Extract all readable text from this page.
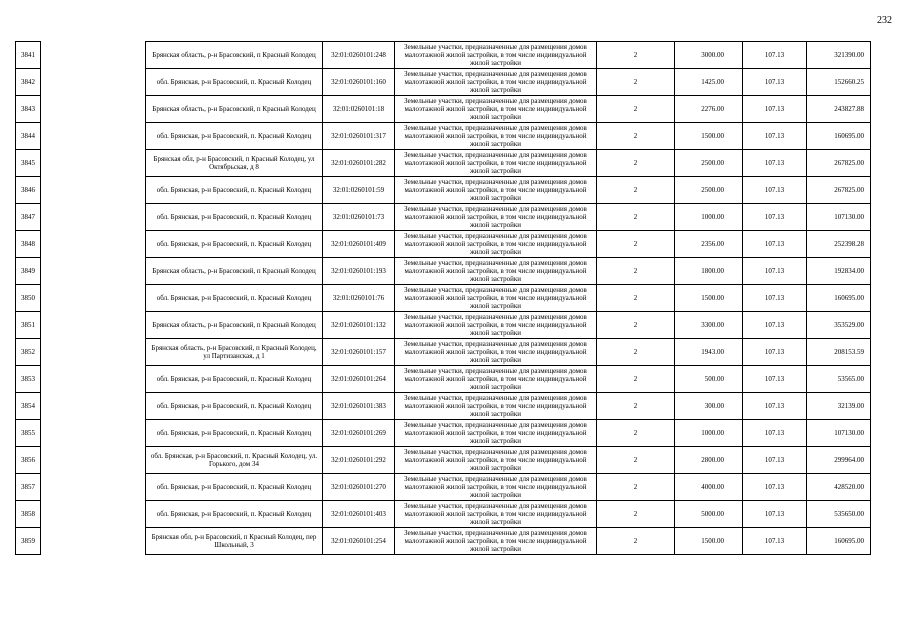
232
3841		Брянская область, р-н Брасовский, п Красный Колодец	32:01:0260101:248	Земельные участки, предназначенные для размещения домов малоэтажной жилой застройки, в том числе индивидуальной жилой застройки	2	3000.00	107.13	321390.00
3842		обл. Брянская, р-н Брасовский, п. Красный Колодец	32:01:0260101:160	Земельные участки, предназначенные для размещения домов малоэтажной жилой застройки, в том числе индивидуальной жилой застройки	2	1425.00	107.13	152660.25
3843		Брянская область, р-н Брасовский, п Красный Колодец	32:01:0260101:18	Земельные участки, предназначенные для размещения домов малоэтажной жилой застройки, в том числе индивидуальной жилой застройки	2	2276.00	107.13	243827.88
3844		обл. Брянская, р-н Брасовский, п. Красный Колодец	32:01:0260101:317	Земельные участки, предназначенные для размещения домов малоэтажной жилой застройки, в том числе индивидуальной жилой застройки	2	1500.00	107.13	160695.00
3845		Брянская обл, р-н Брасовский, п Красный Колодец, ул Октябрьская, д 8	32:01:0260101:282	Земельные участки, предназначенные для размещения домов малоэтажной жилой застройки, в том числе индивидуальной жилой застройки	2	2500.00	107.13	267825.00
3846		обл. Брянская, р-н Брасовский, п. Красный Колодец	32:01:0260101:59	Земельные участки, предназначенные для размещения домов малоэтажной жилой застройки, в том числе индивидуальной жилой застройки	2	2500.00	107.13	267825.00
3847		обл. Брянская, р-н Брасовский, п. Красный Колодец	32:01:0260101:73	Земельные участки, предназначенные для размещения домов малоэтажной жилой застройки, в том числе индивидуальной жилой застройки	2	1000.00	107.13	107130.00
3848		обл. Брянская, р-н Брасовский, п. Красный Колодец	32:01:0260101:409	Земельные участки, предназначенные для размещения домов малоэтажной жилой застройки, в том числе индивидуальной жилой застройки	2	2356.00	107.13	252398.28
3849		Брянская область, р-н Брасовский, п Красный Колодец	32:01:0260101:193	Земельные участки, предназначенные для размещения домов малоэтажной жилой застройки, в том числе индивидуальной жилой застройки	2	1800.00	107.13	192834.00
3850		обл. Брянская, р-н Брасовский, п. Красный Колодец	32:01:0260101:76	Земельные участки, предназначенные для размещения домов малоэтажной жилой застройки, в том числе индивидуальной жилой застройки	2	1500.00	107.13	160695.00
3851		Брянская область, р-н Брасовский, п Красный Колодец	32:01:0260101:132	Земельные участки, предназначенные для размещения домов малоэтажной жилой застройки, в том числе индивидуальной жилой застройки	2	3300.00	107.13	353529.00
3852		Брянская область, р-н Брасовский, п Красный Колодец, ул Партизанская, д 1	32:01:0260101:157	Земельные участки, предназначенные для размещения домов малоэтажной жилой застройки, в том числе индивидуальной жилой застройки	2	1943.00	107.13	208153.59
3853		обл. Брянская, р-н Брасовский, п. Красный Колодец	32:01:0260101:264	Земельные участки, предназначенные для размещения домов малоэтажной жилой застройки, в том числе индивидуальной жилой застройки	2	500.00	107.13	53565.00
3854		обл. Брянская, р-н Брасовский, п. Красный Колодец	32:01:0260101:383	Земельные участки, предназначенные для размещения домов малоэтажной жилой застройки, в том числе индивидуальной жилой застройки	2	300.00	107.13	32139.00
3855		обл. Брянская, р-н Брасовский, п. Красный Колодец	32:01:0260101:269	Земельные участки, предназначенные для размещения домов малоэтажной жилой застройки, в том числе индивидуальной жилой застройки	2	1000.00	107.13	107130.00
3856		обл. Брянская, р-н Брасовский, п. Красный Колодец, ул. Горького, дом 34	32:01:0260101:292	Земельные участки, предназначенные для размещения домов малоэтажной жилой застройки, в том числе индивидуальной жилой застройки	2	2800.00	107.13	299964.00
3857		обл. Брянская, р-н Брасовский, п. Красный Колодец	32:01:0260101:270	Земельные участки, предназначенные для размещения домов малоэтажной жилой застройки, в том числе индивидуальной жилой застройки	2	4000.00	107.13	428520.00
3858		обл. Брянская, р-н Брасовский, п. Красный Колодец	32:01:0260101:403	Земельные участки, предназначенные для размещения домов малоэтажной жилой застройки, в том числе индивидуальной жилой застройки	2	5000.00	107.13	535650.00
3859		Брянская обл, р-н Брасовский, п Красный Колодец, пер Школьный, 3	32:01:0260101:254	Земельные участки, предназначенные для размещения домов малоэтажной жилой застройки, в том числе индивидуальной жилой застройки	2	1500.00	107.13	160695.00
